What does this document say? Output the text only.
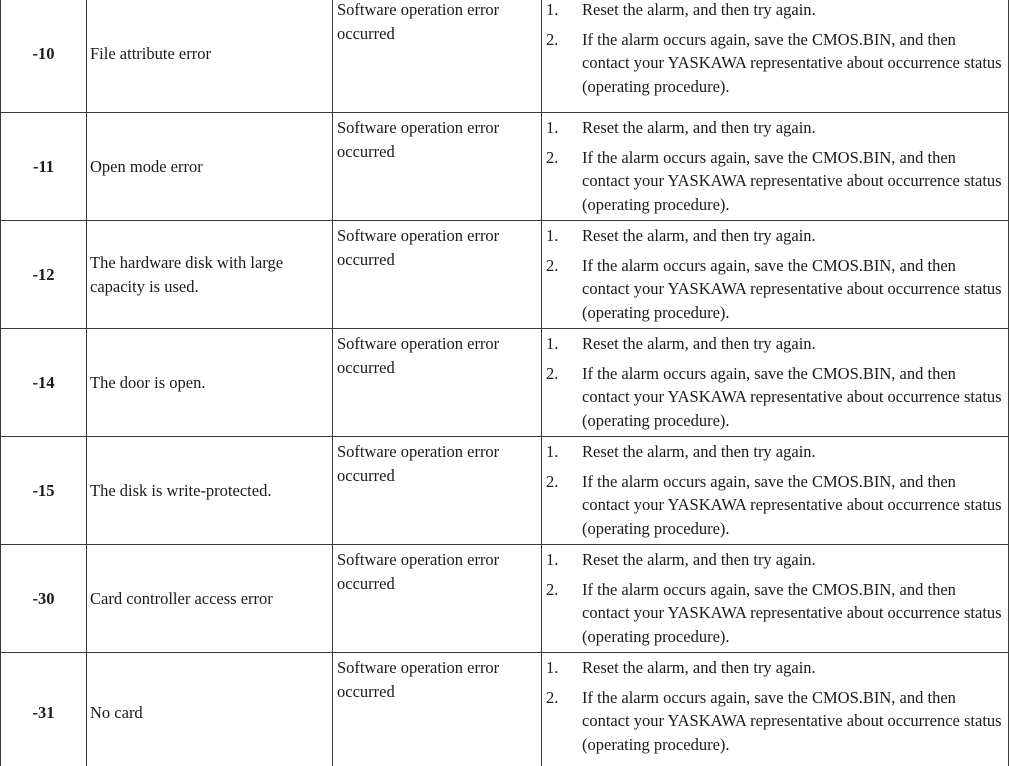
-10	File attribute error	Software operation error occurred	1. Reset the alarm, and then try again.
2. If the alarm occurs again, save the CMOS.BIN, and then contact your YASKAWA representative about occurrence status (operating procedure).

-11	Open mode error	Software operation error occurred	1. Reset the alarm, and then try again.
2. If the alarm occurs again, save the CMOS.BIN, and then contact your YASKAWA representative about occurrence status (operating procedure).

-12	The hardware disk with large capacity is used.	Software operation error occurred	1. Reset the alarm, and then try again.
2. If the alarm occurs again, save the CMOS.BIN, and then contact your YASKAWA representative about occurrence status (operating procedure).

-14	The door is open.	Software operation error occurred	1. Reset the alarm, and then try again.
2. If the alarm occurs again, save the CMOS.BIN, and then contact your YASKAWA representative about occurrence status (operating procedure).

-15	The disk is write-protected.	Software operation error occurred	1. Reset the alarm, and then try again.
2. If the alarm occurs again, save the CMOS.BIN, and then contact your YASKAWA representative about occurrence status (operating procedure).

-30	Card controller access error	Software operation error occurred	1. Reset the alarm, and then try again.
2. If the alarm occurs again, save the CMOS.BIN, and then contact your YASKAWA representative about occurrence status (operating procedure).

-31	No card	Software operation error occurred	1. Reset the alarm, and then try again.
2. If the alarm occurs again, save the CMOS.BIN, and then contact your YASKAWA representative about occurrence status (operating procedure).
